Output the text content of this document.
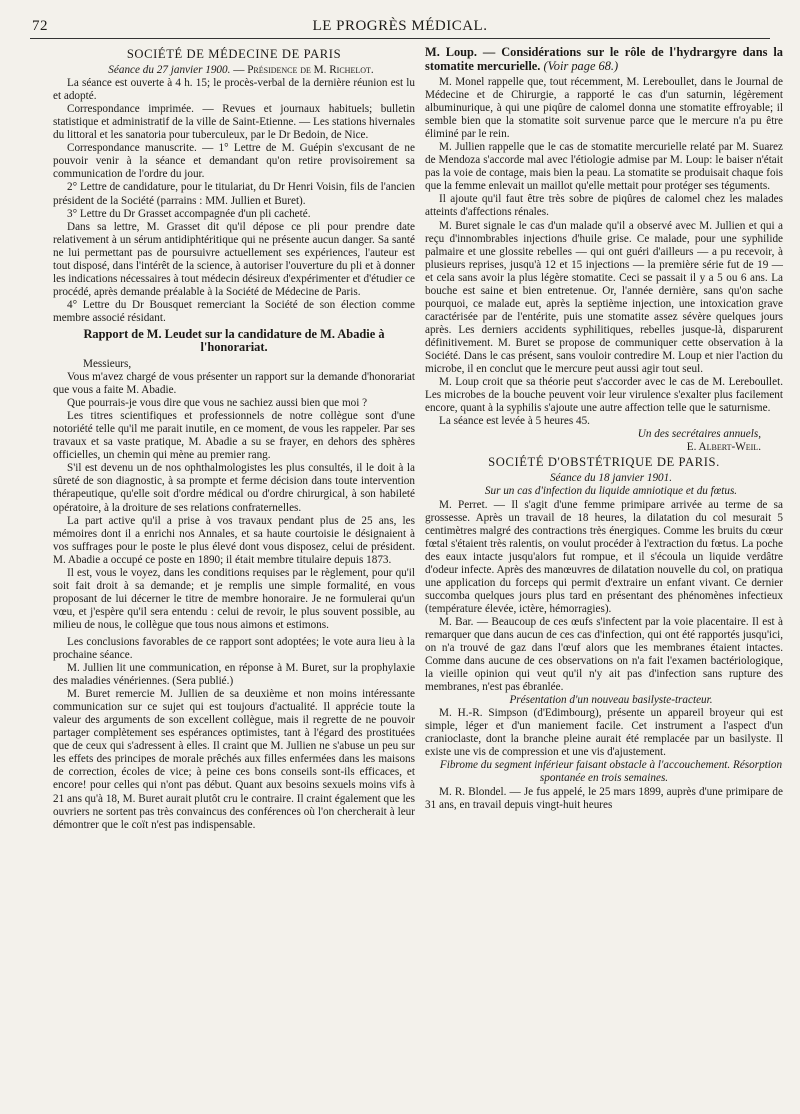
72	LE PROGRÈS MÉDICAL.
SOCIÉTÉ DE MÉDECINE DE PARIS

Séance du 27 janvier 1900. — Présidence de M. Richelot.

La séance est ouverte à 4 h. 15; le procès-verbal de la dernière réunion est lu et adopté.

Correspondance imprimée. — Revues et journaux habituels; bulletin statistique et administratif de la ville de Saint-Etienne. — Les stations hivernales du littoral et les sanatoria pour tuberculeux, par le Dr Bedoin, de Nice.

Correspondance manuscrite. — 1° Lettre de M. Guépin s'excusant de ne pouvoir venir à la séance et demandant qu'on retire provisoirement sa communication de l'ordre du jour.

2° Lettre de candidature, pour le titulariat, du Dr Henri Voisin, fils de l'ancien président de la Société (parrains : MM. Jullien et Buret).

3° Lettre du Dr Grasset accompagnée d'un pli cacheté.

Dans sa lettre, M. Grasset dit qu'il dépose ce pli pour prendre date relativement à un sérum antidiphtéritique qui ne présente aucun danger. Sa santé ne lui permettant pas de poursuivre actuellement ses expériences, l'auteur est tout disposé, dans l'intérêt de la science, à autoriser l'ouverture du pli et à donner les indications nécessaires à tout médecin désireux d'expérimenter et d'étudier ce procédé, après demande préalable à la Société de Médecine de Paris.

4° Lettre du Dr Bousquet remerciant la Société de son élection comme membre associé résidant.

Rapport de M. Leudet sur la candidature de M. Abadie à l'honorariat.

Messieurs,

Vous m'avez chargé de vous présenter un rapport sur la demande d'honorariat que vous a faite M. Abadie.

Que pourrais-je vous dire que vous ne sachiez aussi bien que moi ?

Les titres scientifiques et professionnels de notre collègue sont d'une notoriété telle qu'il me parait inutile, en ce moment, de vous les rappeler. Par ses travaux et sa vaste pratique, M. Abadie a su se frayer, en dehors des sphères officielles, un chemin qui mène au premier rang.

S'il est devenu un de nos ophthalmologistes les plus consultés, il le doit à la sûreté de son diagnostic, à sa prompte et ferme décision dans toute intervention thérapeutique, qu'elle soit d'ordre médical ou d'ordre chirurgical, à son habileté opératoire, à la droiture de ses relations confraternelles.

La part active qu'il a prise à vos travaux pendant plus de 25 ans, les mémoires dont il a enrichi nos Annales, et sa haute courtoisie le désignaient à vos suffrages pour le poste le plus élevé dont vous disposez, celui de président. M. Abadie a occupé ce poste en 1890; il était membre titulaire depuis 1873.

Il est, vous le voyez, dans les conditions requises par le règlement, pour qu'il soit fait droit à sa demande; et je remplis une simple formalité, en vous proposant de lui décerner le titre de membre honoraire. Je ne formulerai qu'un vœu, et j'espère qu'il sera entendu : celui de revoir, le plus souvent possible, au milieu de nous, le collègue que tous nous aimons et estimons.

Les conclusions favorables de ce rapport sont adoptées; le vote aura lieu à la prochaine séance.

M. Jullien lit une communication, en réponse à M. Buret, sur la prophylaxie des maladies vénériennes. (Sera publié.)

M. Buret remercie M. Jullien de sa deuxième et non moins intéressante communication sur ce sujet qui est toujours d'actualité. Il apprécie toute la valeur des arguments de son excellent collègue, mais il regrette de ne pouvoir partager complètement ses espérances optimistes, tant à l'égard des prostituées que de ceux qui s'adressent à elles. Il craint que M. Jullien ne s'abuse un peu sur les effets des principes de morale prêchés aux filles enfermées dans les maisons de correction, écoles de vice; à peine ces bons conseils sont-ils efficaces, et encore! pour celles qui n'ont pas début. Quant aux besoins sexuels moins vifs à 21 ans qu'à 18, M. Buret aurait plutôt cru le contraire. Il craint également que les ouvriers ne sortent pas très convaincus des conférences où l'on chercherait à leur démontrer que le coït n'est pas indispensable.

M. Loup. — Considérations sur le rôle de l'hydrargyre dans la stomatite mercurielle. (Voir page 68.)

M. Monel rappelle que, tout récemment, M. Lereboullet, dans le Journal de Médecine et de Chirurgie, a rapporté le cas d'un saturnin, légèrement albuminurique, à qui une piqûre de calomel donna une stomatite effroyable; il semble bien que la stomatite soit survenue parce que le mercure n'a pu être éliminé par le rein.

M. Jullien rappelle que le cas de stomatite mercurielle relaté par M. Suarez de Mendoza s'accorde mal avec l'étiologie admise par M. Loup: le baiser n'était pas la voie de contage, mais bien la peau. La stomatite se produisait chaque fois que la femme enlevait un maillot qu'elle mettait pour protéger ses téguments.

Il ajoute qu'il faut être très sobre de piqûres de calomel chez les malades atteints d'affections rénales.

M. Buret signale le cas d'un malade qu'il a observé avec M. Jullien et qui a reçu d'innombrables injections d'huile grise. Ce malade, pour une syphilide palmaire et une glossite rebelles — qui ont guéri d'ailleurs — a pu recevoir, à plusieurs reprises, jusqu'à 12 et 15 injections — la première série fut de 19 — et cela sans avoir la plus légère stomatite. Ceci se passait il y a 5 ou 6 ans. La bouche est saine et bien entretenue. Or, l'année dernière, sans qu'on sache pourquoi, ce malade eut, après la septième injection, une intoxication grave caractérisée par de l'entérite, puis une stomatite assez sévère quelques jours après. Les derniers accidents syphilitiques, rebelles jusque-là, disparurent définitivement. M. Buret se propose de communiquer cette observation à la Société. Dans le cas présent, sans vouloir contredire M. Loup et nier l'action du microbe, il en conclut que le mercure peut aussi agir tout seul.

M. Loup croit que sa théorie peut s'accorder avec le cas de M. Lereboullet. Les microbes de la bouche peuvent voir leur virulence s'exalter plus facilement encore, quant à la syphilis s'ajoute une autre affection telle que le saturnisme.

La séance est levée à 5 heures 45.

Un des secrétaires annuels,

E. Albert-Weil.

SOCIÉTÉ D'OBSTÉTRIQUE DE PARIS.

Séance du 18 janvier 1901.

Sur un cas d'infection du liquide amniotique et du fœtus.

M. Perret. — Il s'agit d'une femme primipare arrivée au terme de sa grossesse. Après un travail de 18 heures, la dilatation du col mesurait 5 centimètres malgré des contractions très énergiques. Comme les bruits du cœur fœtal s'étaient très ralentis, on voulut procéder à l'extraction du fœtus. La poche des eaux intacte jusqu'alors fut rompue, et il s'écoula un liquide verdâtre d'odeur infecte. Après des manœuvres de dilatation nouvelle du col, on pratiqua une application du forceps qui permit d'extraire un enfant vivant. Ce dernier succomba quelques jours plus tard en présentant des phénomènes infectieux (température élevée, ictère, hémorragies).

M. Bar. — Beaucoup de ces œufs s'infectent par la voie placentaire. Il est à remarquer que dans aucun de ces cas d'infection, qui ont été rapportés jusqu'ici, on n'a trouvé de gaz dans l'œuf alors que les membranes étaient intactes. Comme dans aucune de ces observations on n'a fait l'examen bactériologique, la vieille opinion qui veut qu'il n'y ait pas d'infection sans rupture des membranes, n'est pas ébranlée.

Présentation d'un nouveau basilyste-tracteur.

M. H.-R. Simpson (d'Edimbourg), présente un appareil broyeur qui est simple, léger et d'un maniement facile. Cet instrument a l'aspect d'un cranioclaste, dont la branche pleine aurait été remplacée par un basilyste. Il existe une vis de compression et une vis d'ajustement.

Fibrome du segment inférieur faisant obstacle à l'accouchement. Résorption spontanée en trois semaines.

M. R. Blondel. — Je fus appelé, le 25 mars 1899, auprès d'une primipare de 31 ans, en travail depuis vingt-huit heures
